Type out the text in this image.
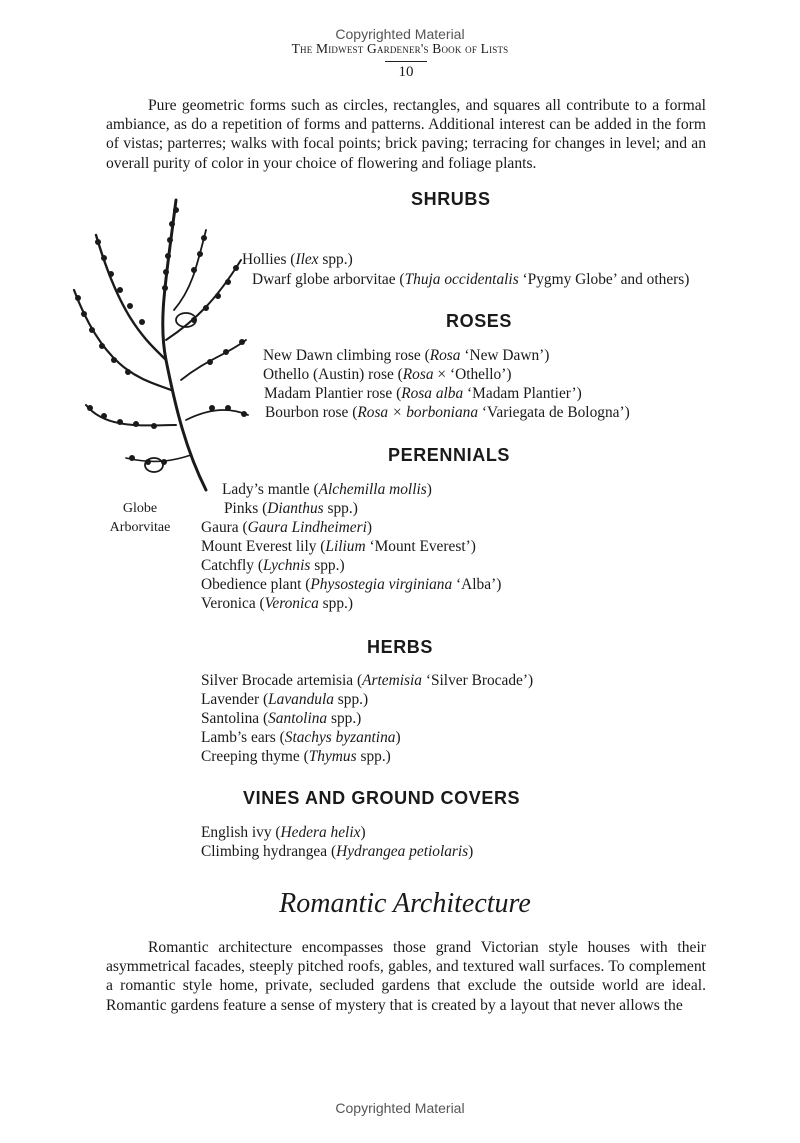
Copyrighted Material
The Midwest Gardener's Book of Lists
10

Pure geometric forms such as circles, rectangles, and squares all contribute to a formal ambiance, as do a repetition of forms and patterns. Additional interest can be added in the form of vistas; parterres; walks with focal points; brick paving; terracing for changes in level; and an overall purity of color in your choice of flowering and foliage plants.

Globe
Arborvitae
SHRUBS
Hollies (Ilex spp.)
Dwarf globe arborvitae (Thuja occidentalis ‘Pygmy Globe’ and others)
ROSES
New Dawn climbing rose (Rosa ‘New Dawn’)
Othello (Austin) rose (Rosa × ‘Othello’)
Madam Plantier rose (Rosa alba ‘Madam Plantier’)
Bourbon rose (Rosa × borboniana ‘Variegata de Bologna’)
PERENNIALS
Lady’s mantle (Alchemilla mollis)
Pinks (Dianthus spp.)
Gaura (Gaura Lindheimeri)
Mount Everest lily (Lilium ‘Mount Everest’)
Catchfly (Lychnis spp.)
Obedience plant (Physostegia virginiana ‘Alba’)
Veronica (Veronica spp.)
HERBS
Silver Brocade artemisia (Artemisia ‘Silver Brocade’)
Lavender (Lavandula spp.)
Santolina (Santolina spp.)
Lamb’s ears (Stachys byzantina)
Creeping thyme (Thymus spp.)
VINES AND GROUND COVERS
English ivy (Hedera helix)
Climbing hydrangea (Hydrangea petiolaris)
Romantic Architecture

Romantic architecture encompasses those grand Victorian style houses with their asymmetrical facades, steeply pitched roofs, gables, and textured wall surfaces. To complement a romantic style home, private, secluded gardens that exclude the outside world are ideal. Romantic gardens feature a sense of mystery that is created by a layout that never allows the

Copyrighted Material
